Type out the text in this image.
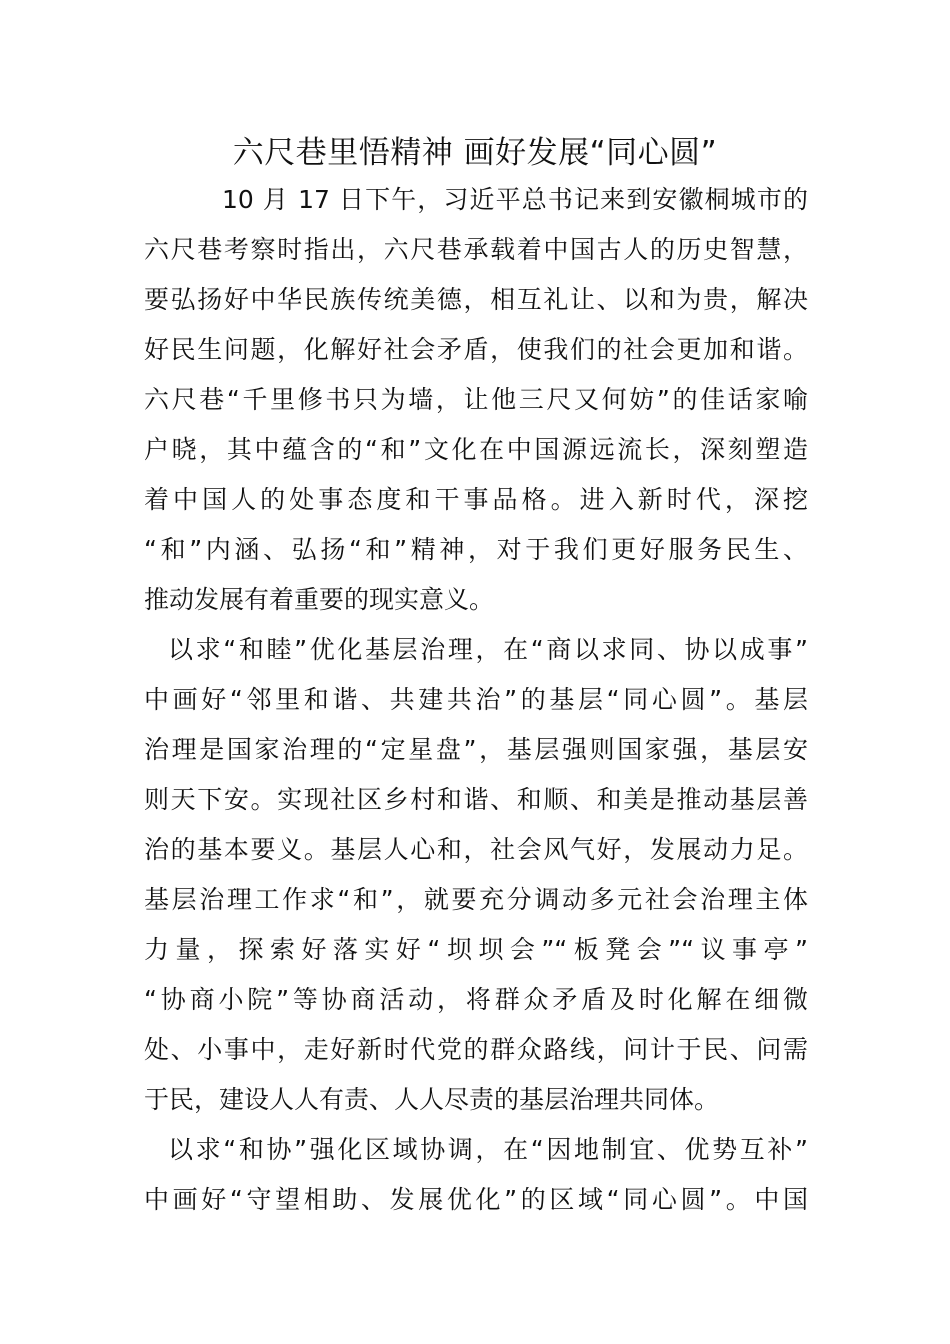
六尺巷里悟精神 画好发展“同心圆”
10 月 17 日下午，习近平总书记来到安徽桐城市的
六尺巷考察时指出，六尺巷承载着中国古人的历史智慧，
要弘扬好中华民族传统美德，相互礼让、以和为贵，解决
好民生问题，化解好社会矛盾，使我们的社会更加和谐。
六尺巷“千里修书只为墙，让他三尺又何妨”的佳话家喻
户晓，其中蕴含的“和”文化在中国源远流长，深刻塑造
着中国人的处事态度和干事品格。进入新时代，深挖
“和”内涵、弘扬“和”精神，对于我们更好服务民生、
推动发展有着重要的现实意义。
以求“和睦”优化基层治理，在“商以求同、协以成事”
中画好“邻里和谐、共建共治”的基层“同心圆”。基层
治理是国家治理的“定星盘”，基层强则国家强，基层安
则天下安。实现社区乡村和谐、和顺、和美是推动基层善
治的基本要义。基层人心和，社会风气好，发展动力足。
基层治理工作求“和”，就要充分调动多元社会治理主体
力量，探索好落实好“坝坝会”“板凳会”“议事亭”
“协商小院”等协商活动，将群众矛盾及时化解在细微
处、小事中，走好新时代党的群众路线，问计于民、问需
于民，建设人人有责、人人尽责的基层治理共同体。
以求“和协”强化区域协调，在“因地制宜、优势互补”
中画好“守望相助、发展优化”的区域“同心圆”。中国
